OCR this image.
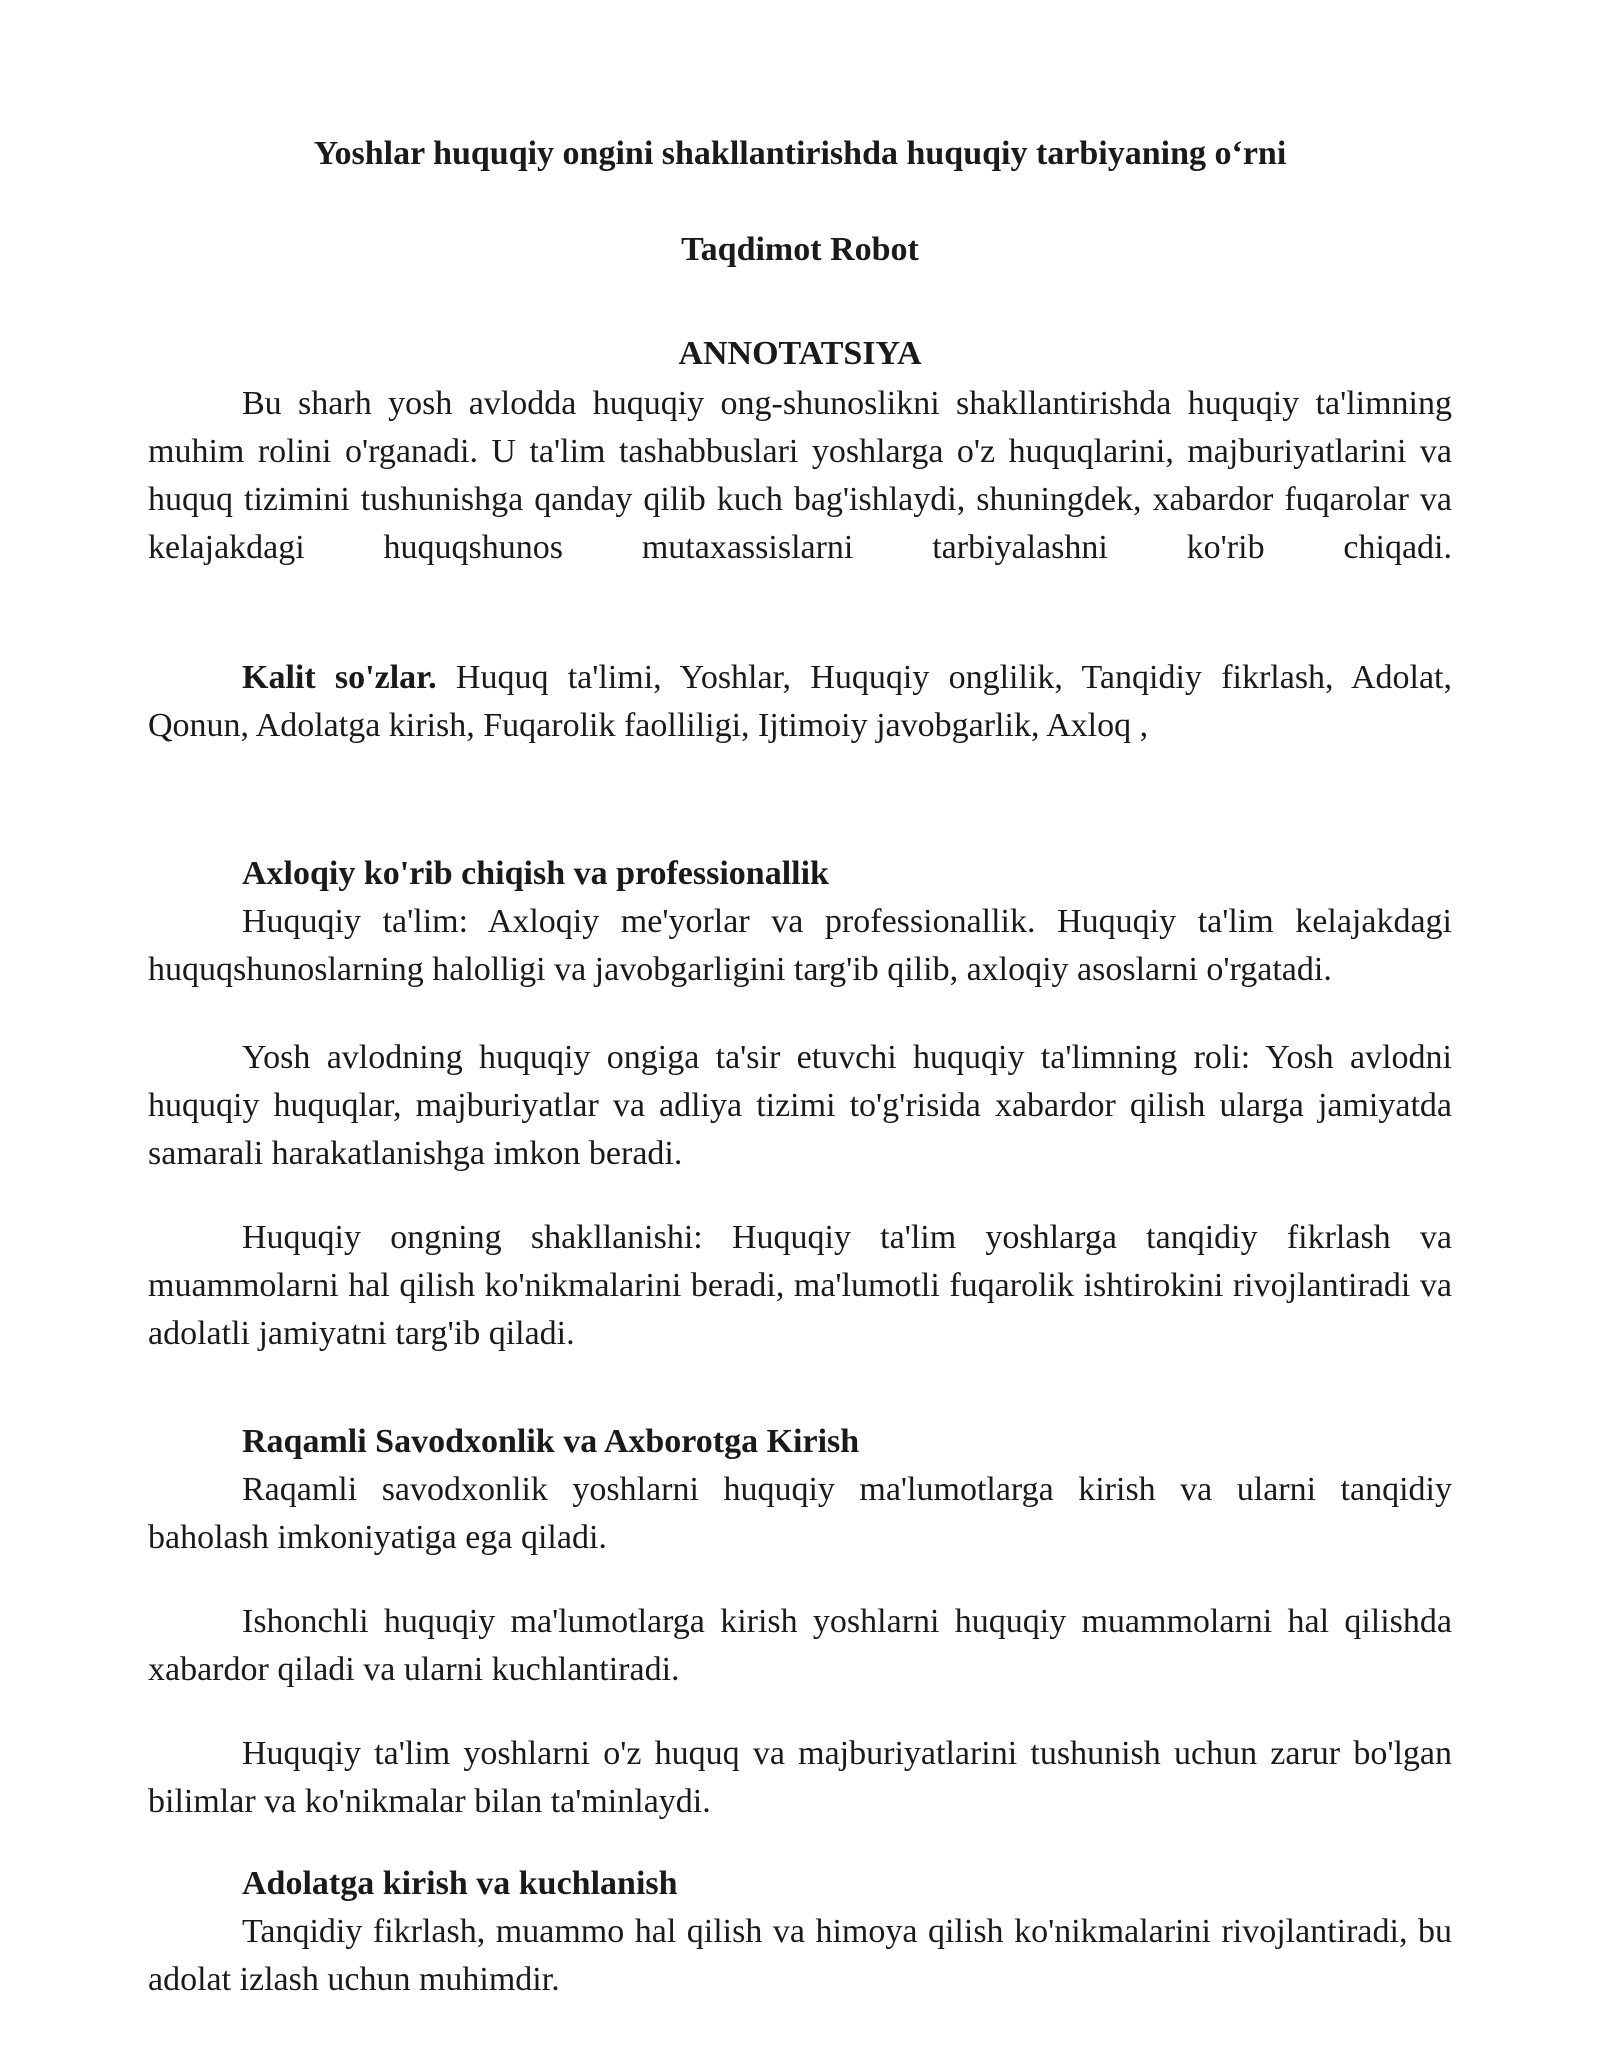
Yoshlar huquqiy ongini shakllantirishda huquqiy tarbiyaning o‘rni
Taqdimot Robot
ANNOTATSIYA

Bu sharh yosh avlodda huquqiy ong-shunoslikni shakllantirishda huquqiy ta'limning muhim rolini o'rganadi. U ta'lim tashabbuslari yoshlarga o'z huquqlarini, majburiyatlarini va huquq tizimini tushunishga qanday qilib kuch bag'ishlaydi, shuningdek, xabardor fuqarolar va kelajakdagi huquqshunos mutaxassislarni tarbiyalashni ko'rib chiqadi.

Kalit so'zlar. Huquq ta'limi, Yoshlar, Huquqiy onglilik, Tanqidiy fikrlash, Adolat, Qonun, Adolatga kirish, Fuqarolik faolliligi, Ijtimoiy javobgarlik, Axloq ,

Axloqiy ko'rib chiqish va professionallik

Huquqiy ta'lim: Axloqiy me'yorlar va professionallik. Huquqiy ta'lim kelajakdagi huquqshunoslarning halolligi va javobgarligini targ'ib qilib, axloqiy asoslarni o'rgatadi.

Yosh avlodning huquqiy ongiga ta'sir etuvchi huquqiy ta'limning roli: Yosh avlodni huquqiy huquqlar, majburiyatlar va adliya tizimi to'g'risida xabardor qilish ularga jamiyatda samarali harakatlanishga imkon beradi.

Huquqiy ongning shakllanishi: Huquqiy ta'lim yoshlarga tanqidiy fikrlash va muammolarni hal qilish ko'nikmalarini beradi, ma'lumotli fuqarolik ishtirokini rivojlantiradi va adolatli jamiyatni targ'ib qiladi.

Raqamli Savodxonlik va Axborotga Kirish

Raqamli savodxonlik yoshlarni huquqiy ma'lumotlarga kirish va ularni tanqidiy baholash imkoniyatiga ega qiladi.

Ishonchli huquqiy ma'lumotlarga kirish yoshlarni huquqiy muammolarni hal qilishda xabardor qiladi va ularni kuchlantiradi.

Huquqiy ta'lim yoshlarni o'z huquq va majburiyatlarini tushunish uchun zarur bo'lgan bilimlar va ko'nikmalar bilan ta'minlaydi.

Adolatga kirish va kuchlanish

Tanqidiy fikrlash, muammo hal qilish va himoya qilish ko'nikmalarini rivojlantiradi, bu adolat izlash uchun muhimdir.
